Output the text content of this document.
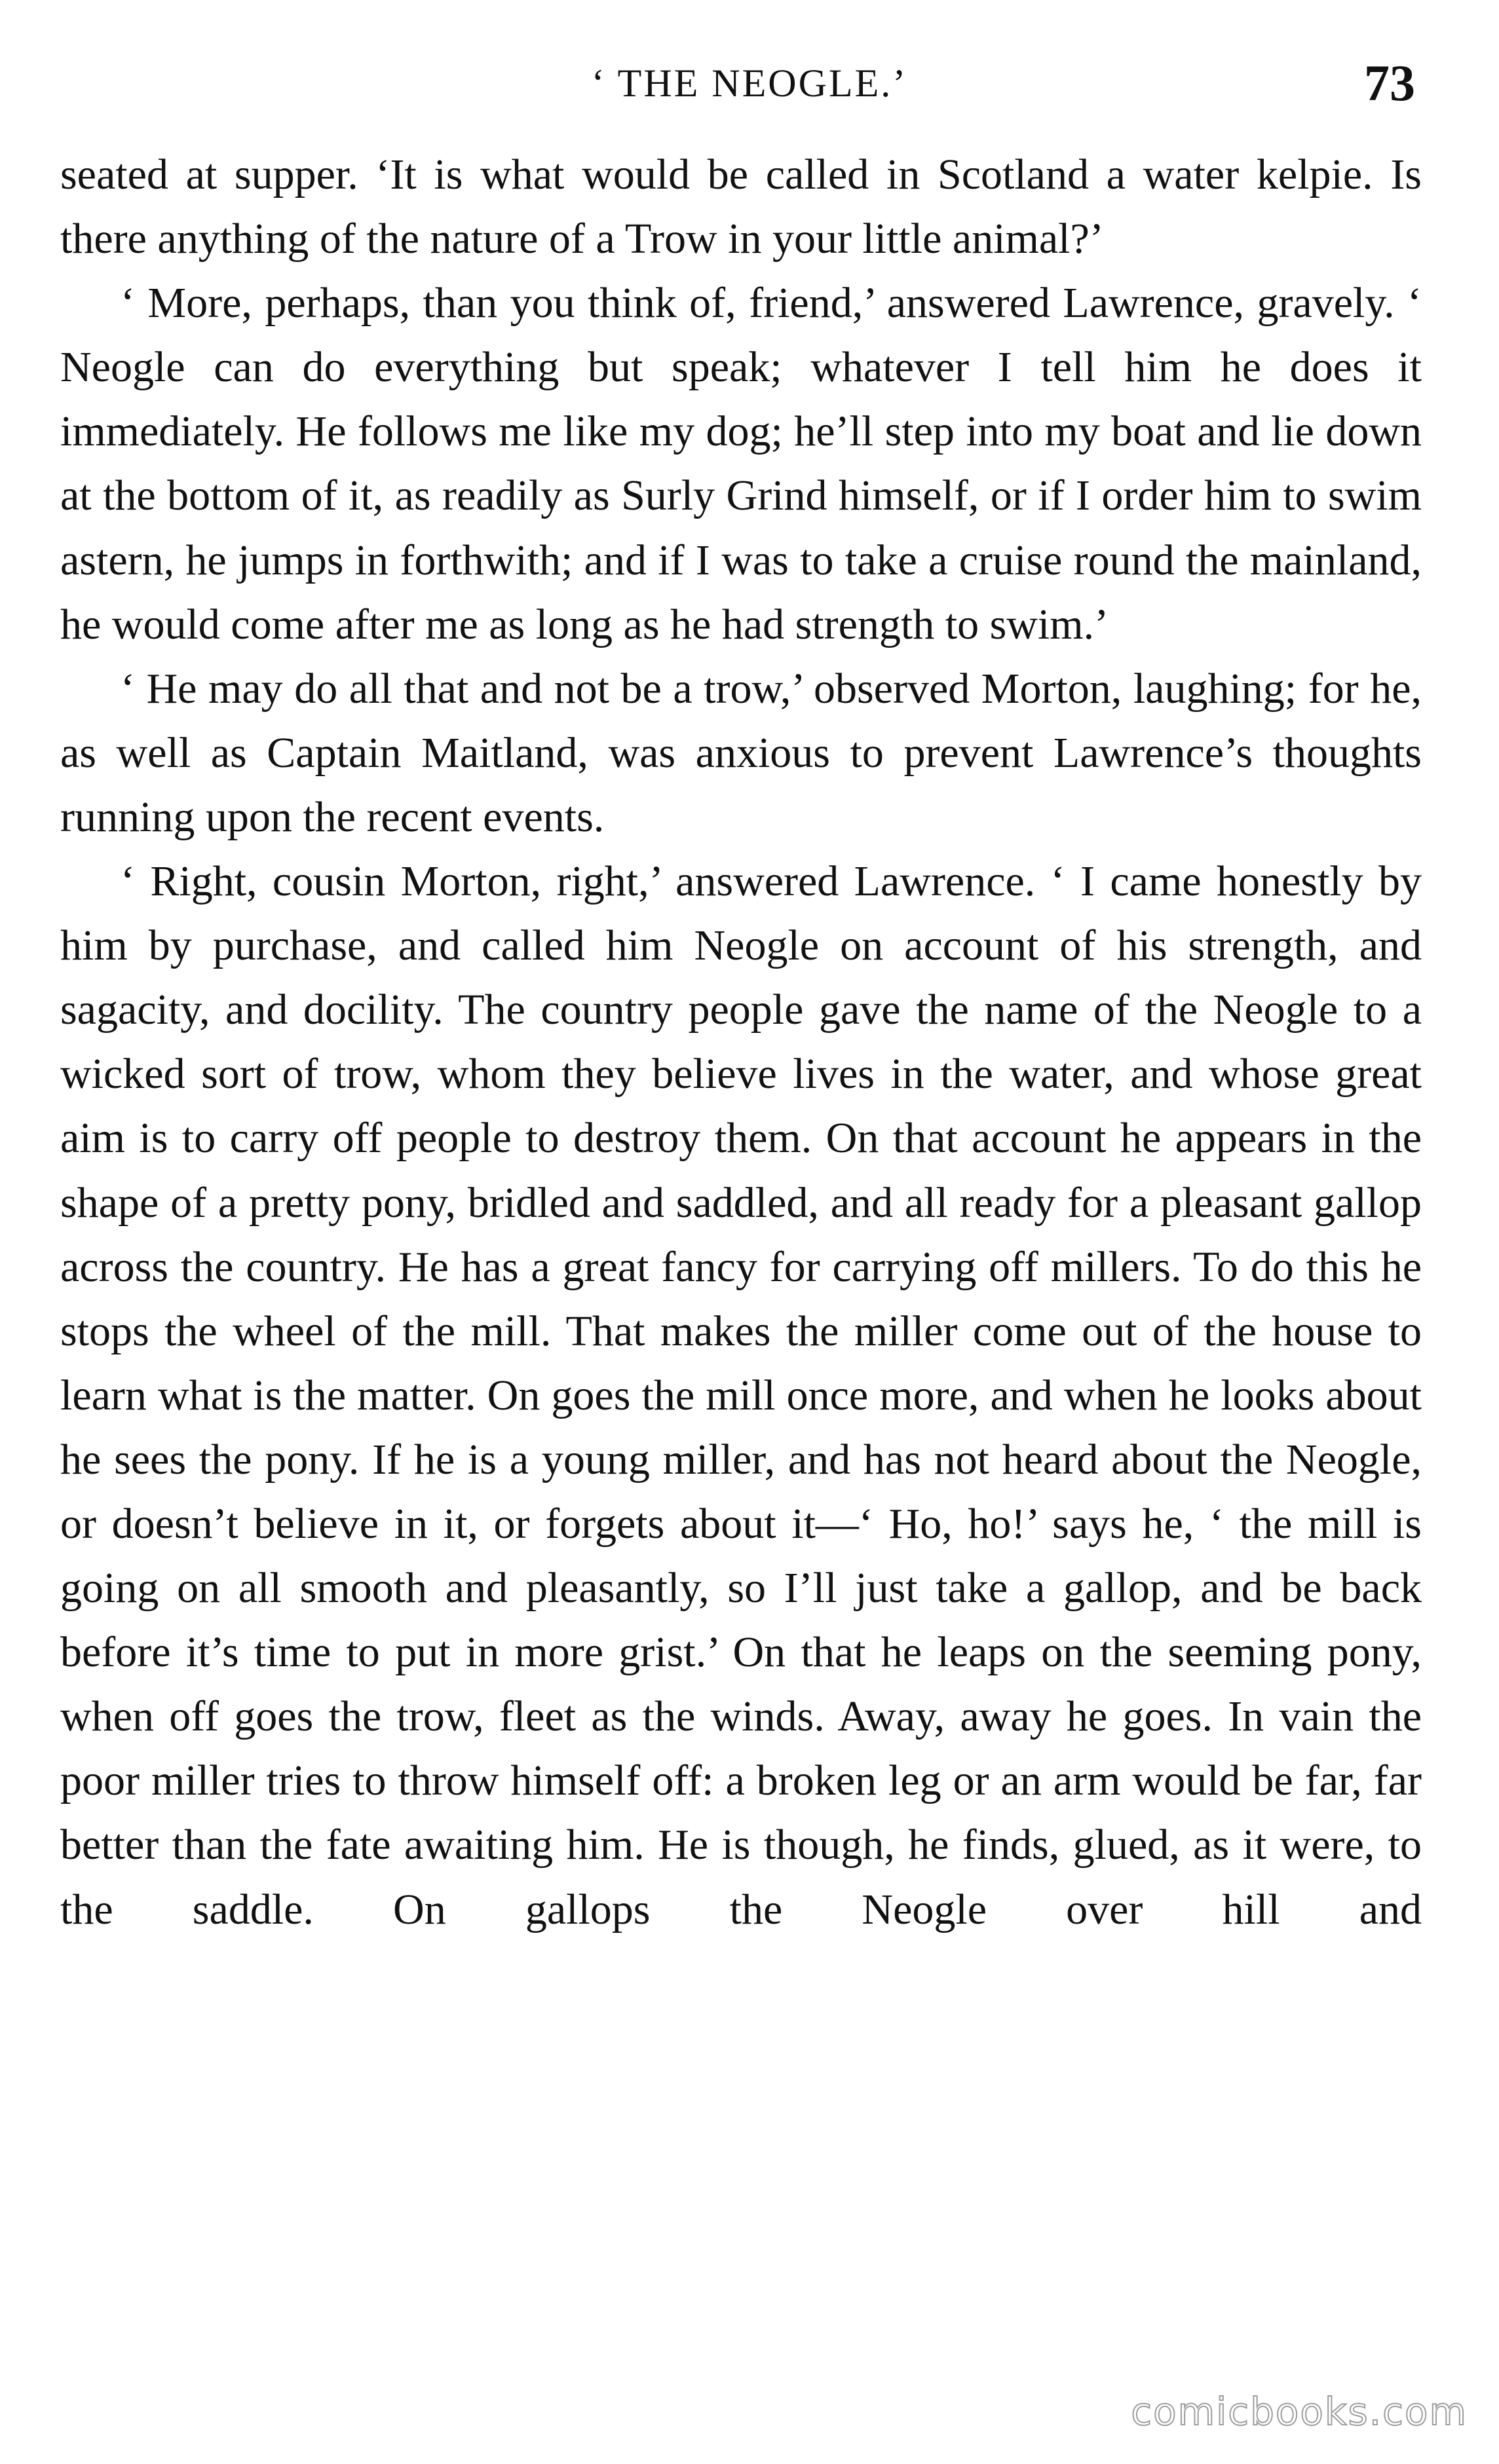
‘ THE NEOGLE.’	73

seated at supper. ‘It is what would be called in Scotland a water kelpie. Is there anything of the nature of a Trow in your little animal?’

‘ More, perhaps, than you think of, friend,’ answered Lawrence, gravely. ‘ Neogle can do everything but speak; whatever I tell him he does it immediately. He follows me like my dog; he’ll step into my boat and lie down at the bottom of it, as readily as Surly Grind himself, or if I order him to swim astern, he jumps in forthwith; and if I was to take a cruise round the mainland, he would come after me as long as he had strength to swim.’

‘ He may do all that and not be a trow,’ observed Morton, laughing; for he, as well as Captain Maitland, was anxious to prevent Lawrence’s thoughts running upon the recent events.

‘ Right, cousin Morton, right,’ answered Lawrence. ‘ I came honestly by him by purchase, and called him Neogle on account of his strength, and sagacity, and docility. The country people gave the name of the Neogle to a wicked sort of trow, whom they believe lives in the water, and whose great aim is to carry off people to destroy them. On that account he appears in the shape of a pretty pony, bridled and saddled, and all ready for a pleasant gallop across the country. He has a great fancy for carrying off millers. To do this he stops the wheel of the mill. That makes the miller come out of the house to learn what is the matter. On goes the mill once more, and when he looks about he sees the pony. If he is a young miller, and has not heard about the Neogle, or doesn’t believe in it, or forgets about it—‘ Ho, ho!’ says he, ‘ the mill is going on all smooth and pleasantly, so I’ll just take a gallop, and be back before it’s time to put in more grist.’ On that he leaps on the seeming pony, when off goes the trow, fleet as the winds. Away, away he goes. In vain the poor miller tries to throw himself off: a broken leg or an arm would be far, far better than the fate awaiting him. He is though, he finds, glued, as it were, to the saddle. On gallops the Neogle over hill and

comicbooks.com
